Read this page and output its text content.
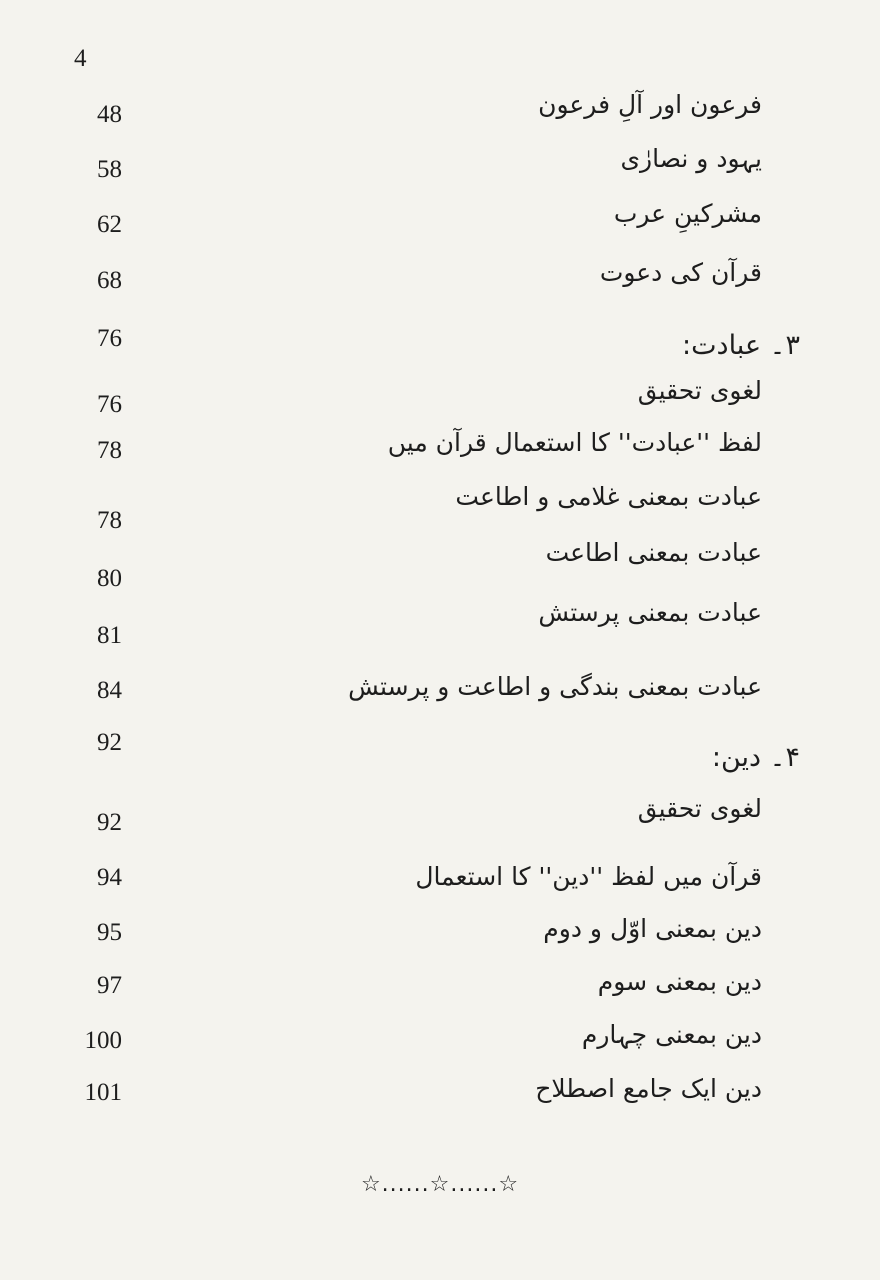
4
48	فرعون اور آلِ فرعون
58	یہود و نصارٰی
62	مشرکینِ عرب
68	قرآن کی دعوت
76	۳۔ عبادت:
76	لغوی تحقیق
78	لفظ ''عبادت'' کا استعمال قرآن میں
78
عبادت بمعنی غلامی و اطاعت
80
عبادت بمعنی اطاعت
81
عبادت بمعنی پرستش
84	عبادت بمعنی بندگی و اطاعت و پرستش
92	۴۔ دین:
92	لغوی تحقیق
94	قرآن میں لفظ ''دین'' کا استعمال
95	دین بمعنی اوّل و دوم
97	دین بمعنی سوم
100	دین بمعنی چہارم
101	دین ایک جامع اصطلاح
☆......☆......☆
